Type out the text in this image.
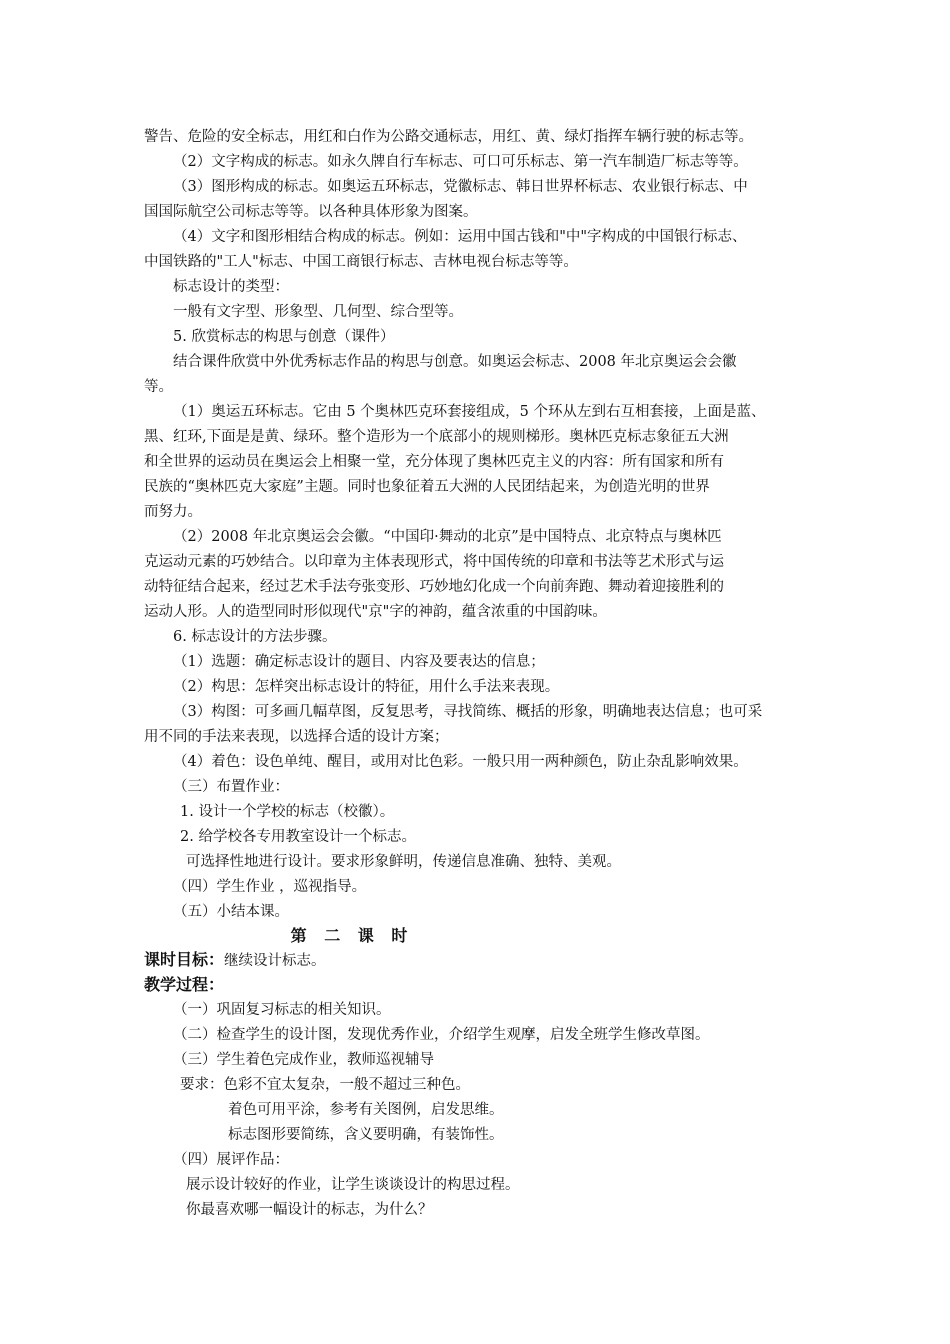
警告、危险的安全标志，用红和白作为公路交通标志，用红、黄、绿灯指挥车辆行驶的标志等。
（2）文字构成的标志。如永久牌自行车标志、可口可乐标志、第一汽车制造厂标志等等。
（3）图形构成的标志。如奥运五环标志，党徽标志、韩日世界杯标志、农业银行标志、中
国国际航空公司标志等等。以各种具体形象为图案。
（4）文字和图形相结合构成的标志。例如：运用中国古钱和"中"字构成的中国银行标志、
中国铁路的"工人"标志、中国工商银行标志、吉林电视台标志等等。
标志设计的类型：
一般有文字型、形象型、几何型、综合型等。
5. 欣赏标志的构思与创意（课件）
结合课件欣赏中外优秀标志作品的构思与创意。如奥运会标志、2008 年北京奥运会会徽
等。
（1）奥运五环标志。它由 5 个奥林匹克环套接组成，5 个环从左到右互相套接，上面是蓝、
黑、红环,下面是是黄、绿环。整个造形为一个底部小的规则梯形。奥林匹克标志象征五大洲
和全世界的运动员在奥运会上相聚一堂，充分体现了奥林匹克主义的内容：所有国家和所有
民族的“奥林匹克大家庭”主题。同时也象征着五大洲的人民团结起来，为创造光明的世界
而努力。
（2）2008 年北京奥运会会徽。“中国印·舞动的北京”是中国特点、北京特点与奥林匹
克运动元素的巧妙结合。以印章为主体表现形式，将中国传统的印章和书法等艺术形式与运
动特征结合起来，经过艺术手法夸张变形、巧妙地幻化成一个向前奔跑、舞动着迎接胜利的
运动人形。人的造型同时形似现代"京"字的神韵，蕴含浓重的中国韵味。
6. 标志设计的方法步骤。
（1）选题：确定标志设计的题目、内容及要表达的信息；
（2）构思：怎样突出标志设计的特征，用什么手法来表现。
（3）构图：可多画几幅草图，反复思考，寻找简练、概括的形象，明确地表达信息；也可采
用不同的手法来表现，以选择合适的设计方案；
（4）着色：设色单纯、醒目，或用对比色彩。一般只用一两种颜色，防止杂乱影响效果。
（三）布置作业：
1. 设计一个学校的标志（校徽）。
2. 给学校各专用教室设计一个标志。
可选择性地进行设计。要求形象鲜明，传递信息准确、独特、美观。
（四）学生作业 ，巡视指导。
（五）小结本课。
第 二 课 时
课时目标：继续设计标志。
教学过程：
（一）巩固复习标志的相关知识。
（二）检查学生的设计图，发现优秀作业，介绍学生观摩，启发全班学生修改草图。
（三）学生着色完成作业，教师巡视辅导
要求：色彩不宜太复杂，一般不超过三种色。
着色可用平涂，参考有关图例，启发思维。
标志图形要简练，含义要明确，有装饰性。
（四）展评作品：
展示设计较好的作业，让学生谈谈设计的构思过程。
你最喜欢哪一幅设计的标志，为什么？
